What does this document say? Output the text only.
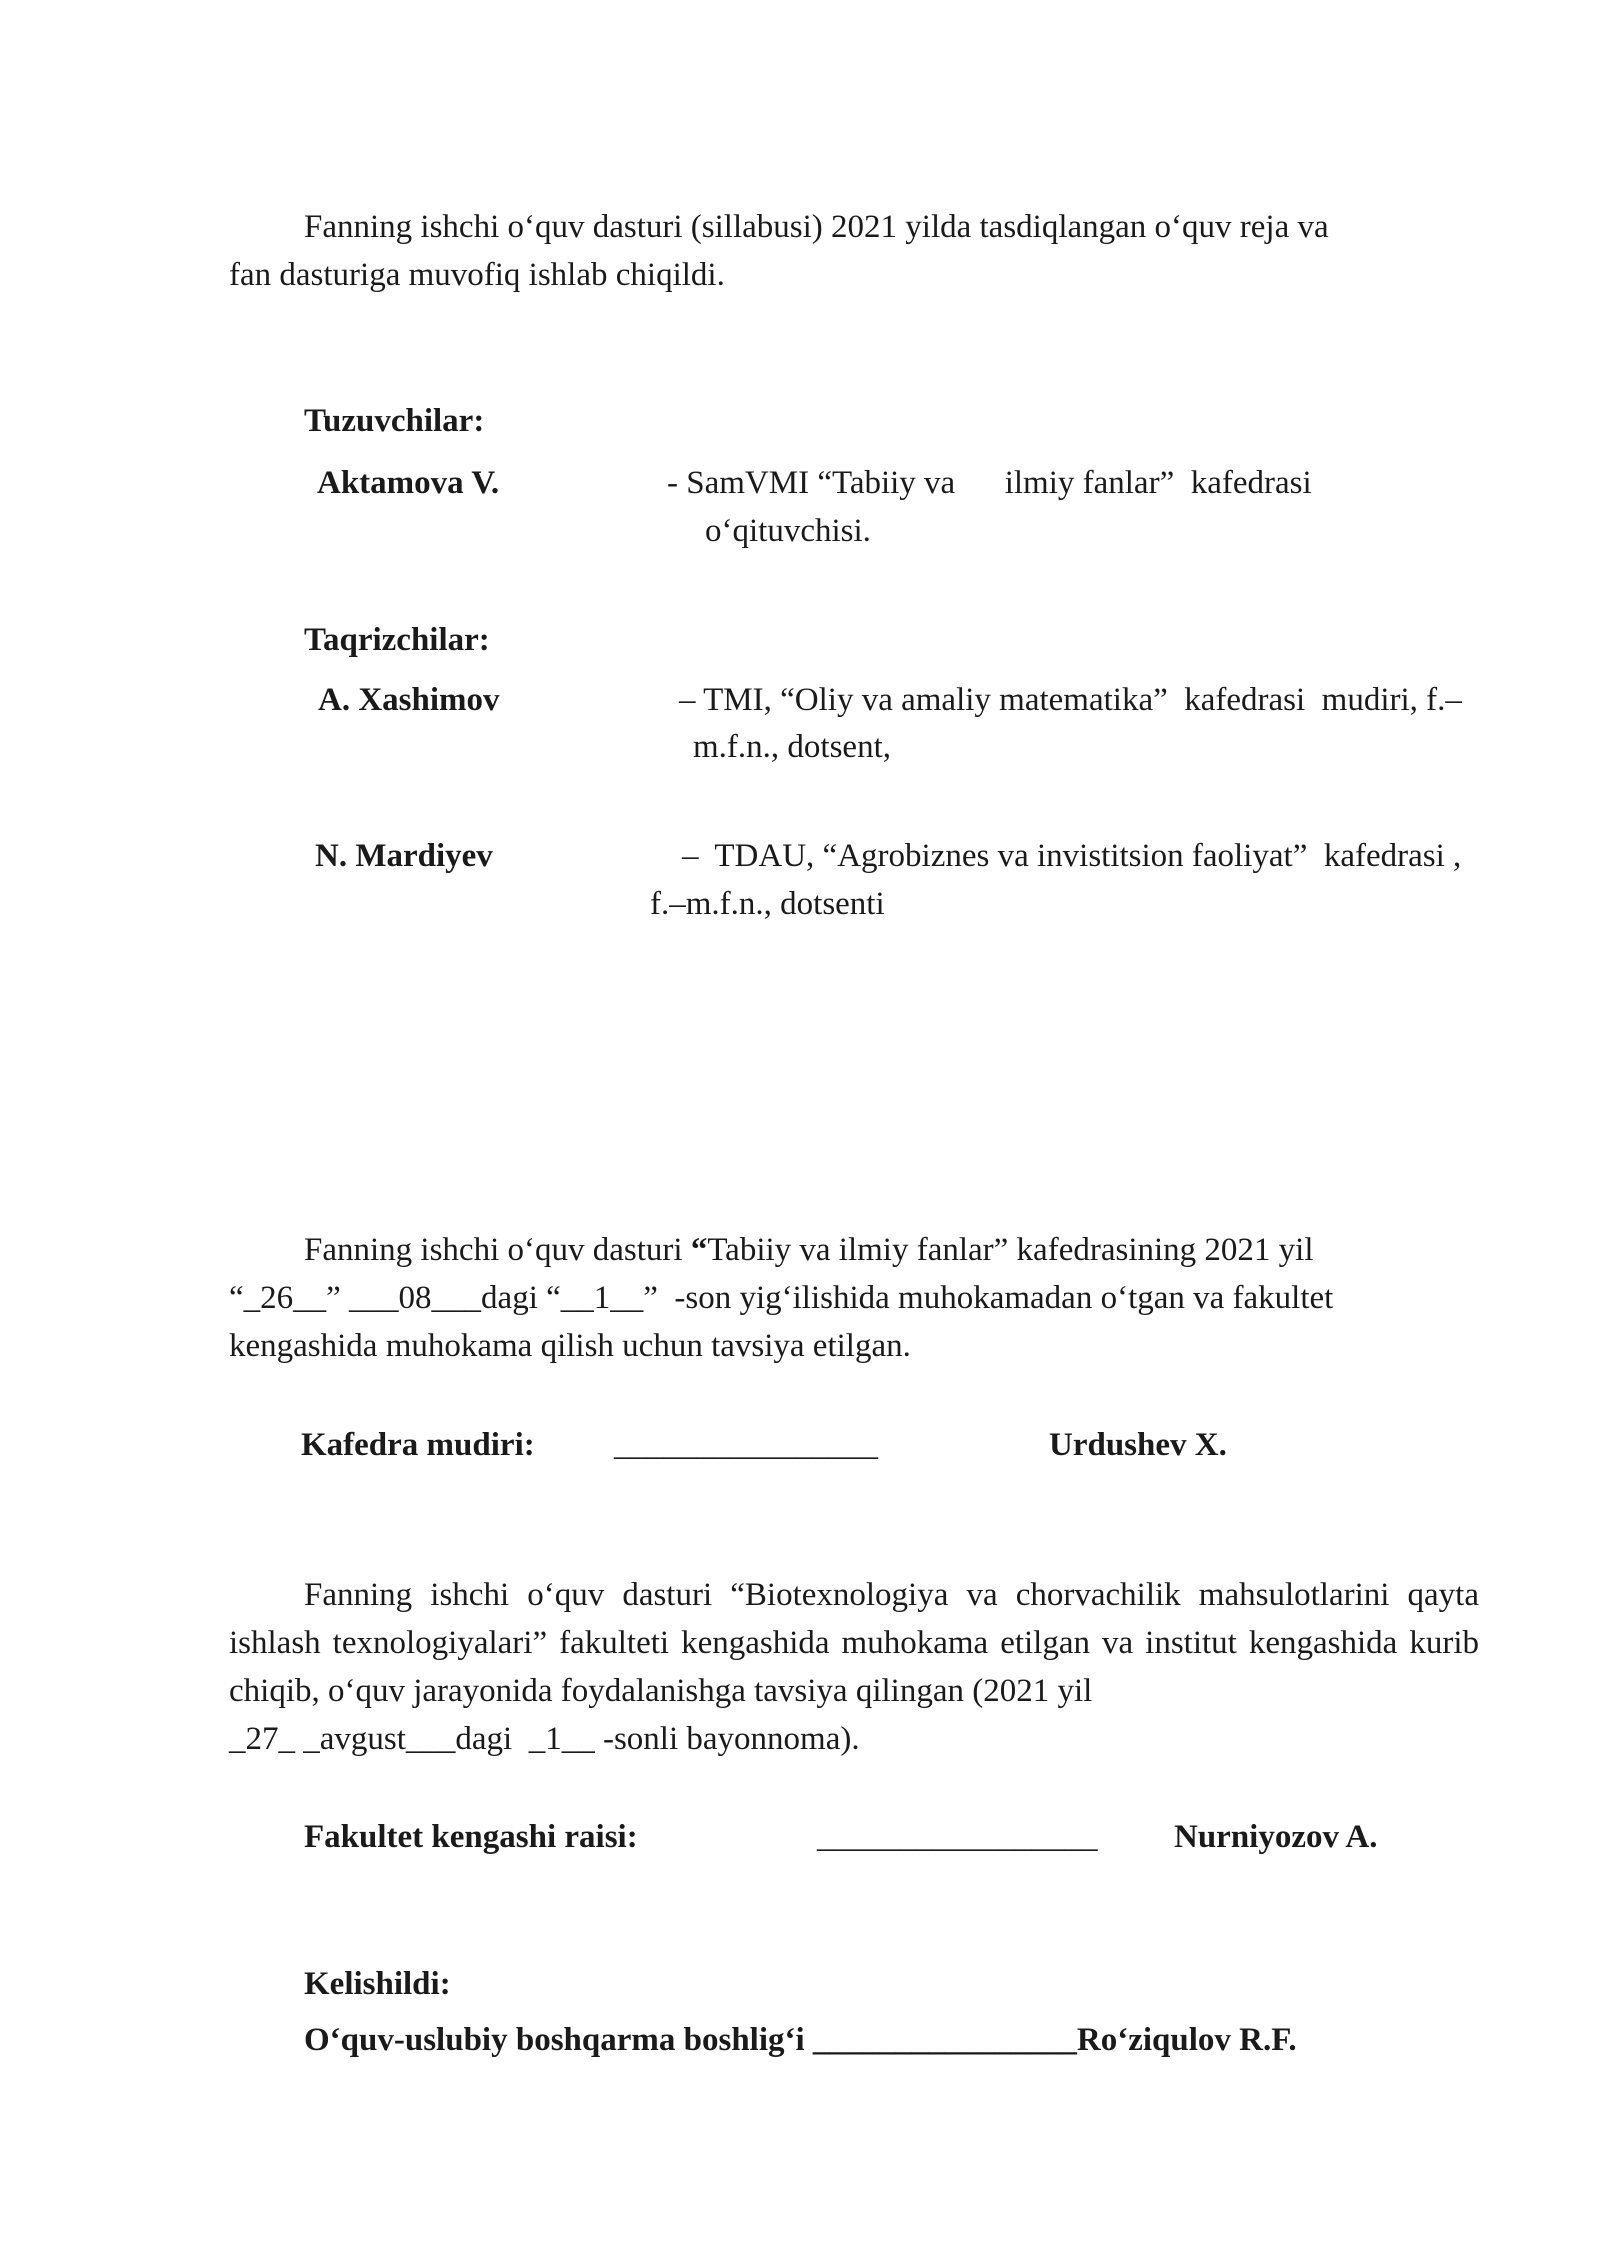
Fanning ishchi o‘quv dasturi (sillabusi) 2021 yilda tasdiqlangan o‘quv reja va
fan dasturiga muvofiq ishlab chiqildi.
Tuzuvchilar:
Aktamova V.	- SamVMI “Tabiiy va      ilmiy fanlar”  kafedrasi
o‘qituvchisi.
Taqrizchilar:
A. Xashimov	– TMI, “Oliy va amaliy matematika”  kafedrasi  mudiri, f.–
m.f.n., dotsent,
N. Mardiyev	–  TDAU, “Agrobiznes va invistitsion faoliyat”  kafedrasi ,
f.–m.f.n., dotsenti
Fanning ishchi o‘quv dasturi “Tabiiy va ilmiy fanlar” kafedrasining 2021 yil
“_26__” ___08___dagi “__1__”  -son yig‘ilishida muhokamadan o‘tgan va fakultet
kengashida muhokama qilish uchun tavsiya etilgan.
Kafedra mudiri: ________________	Urdushev X.
Fanning ishchi o‘quv dasturi “Biotexnologiya va chorvachilik mahsulotlarini qayta ishlash texnologiyalari” fakulteti kengashida muhokama etilgan va institut kengashida kurib chiqib, o‘quv jarayonida foydalanishga tavsiya qilingan (2021 yil
_27_ _avgust___dagi  _1__ -sonli bayonnoma).
Fakultet kengashi raisi:	_________________ Nurniyozov A.
Kelishildi:
O‘quv-uslubiy boshqarma boshlig‘i ________________Ro‘ziqulov R.F.
